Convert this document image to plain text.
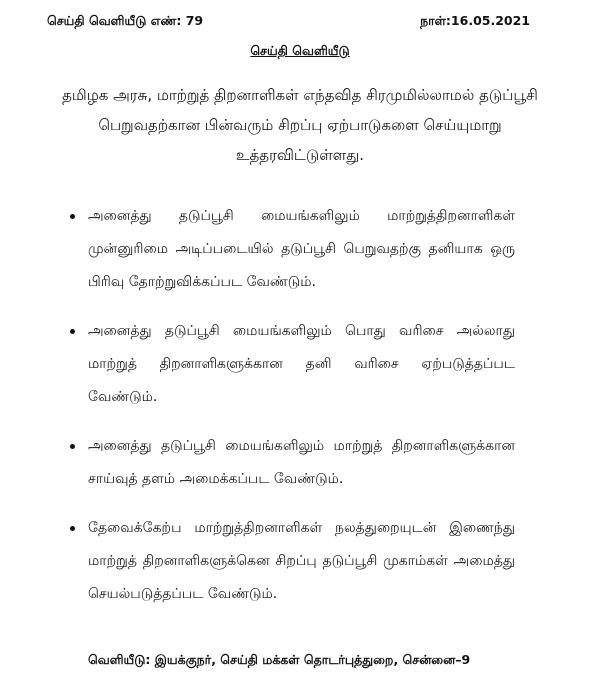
செய்தி வெளியீடு எண்: 79	நாள்:16.05.2021
செய்தி வெளியீடு
தமிழக அரசு, மாற்றுத் திறனாளிகள் எந்தவித சிரமுமில்லாமல் தடுப்பூசி பெறுவதற்கான பின்வரும் சிறப்பு ஏற்பாடுகளை செய்யுமாறு உத்தரவிட்டுள்ளது.
அனைத்து தடுப்பூசி மையங்களிலும் மாற்றுத்திறனாளிகள் முன்னுரிமை அடிப்படையில் தடுப்பூசி பெறுவதற்கு தனியாக ஒரு பிரிவு தோற்றுவிக்கப்பட வேண்டும்.
அனைத்து தடுப்பூசி மையங்களிலும் பொது வரிசை அல்லாது மாற்றுத் திறனாளிகளுக்கான தனி வரிசை ஏற்படுத்தப்பட வேண்டும்.
அனைத்து தடுப்பூசி மையங்களிலும் மாற்றுத் திறனாளிகளுக்கான சாய்வுத் தளம் அமைக்கப்பட வேண்டும்.
தேவைக்கேற்ப மாற்றுத்திறனாளிகள் நலத்துறையுடன் இணைந்து மாற்றுத் திறனாளிகளுக்கென சிறப்பு தடுப்பூசி முகாம்கள் அமைத்து செயல்படுத்தப்பட வேண்டும்.
வெளியீடு: இயக்குநர், செய்தி மக்கள் தொடர்புத்துறை, சென்னை–9
